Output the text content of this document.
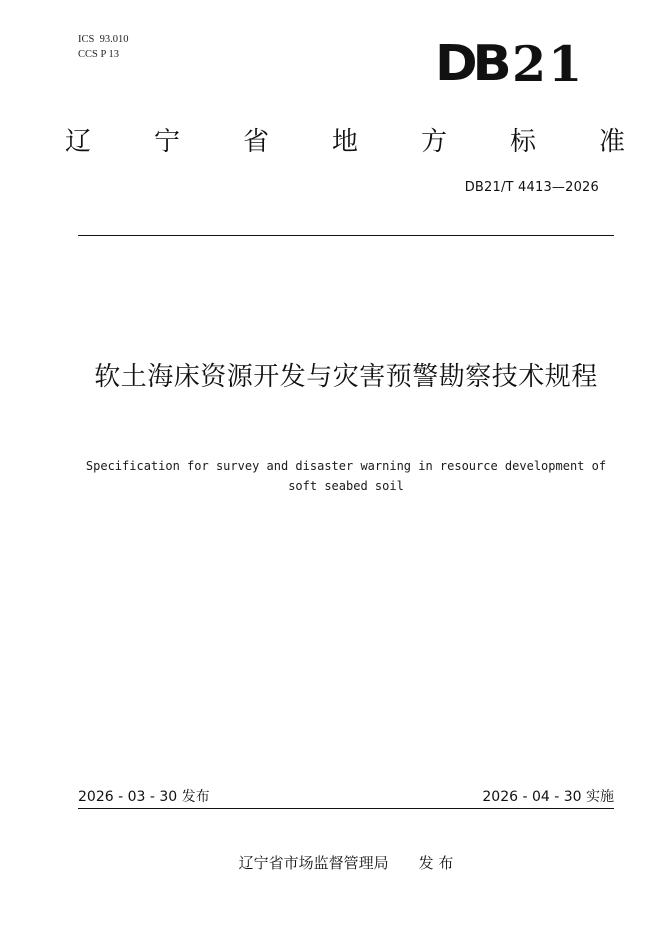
ICS  93.010
CCS P 13	DB 21
辽 宁 省 地 方 标 准
DB21/T 4413—2026
软土海床资源开发与灾害预警勘察技术规程
Specification for survey and disaster warning in resource development of soft seabed soil
2026 - 03 - 30 发布	2026 - 04 - 30 实施
辽宁省市场监督管理局 发 布
